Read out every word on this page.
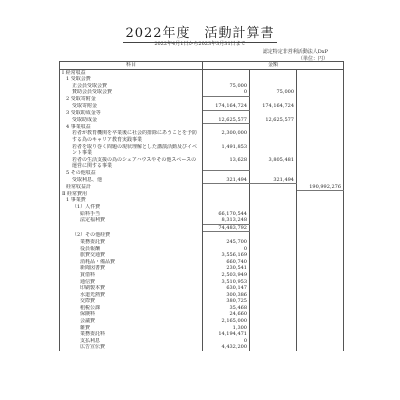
2022年度　活動計算書
2022年4月1日から2023年3月31日まで
認定特定非営利活動法人DxP
（単位：円）
科目	金額		
Ⅰ 経常収益			
1 受取会費			
正会員受取会費	75,000		
賛助会員受取会費	0	75,000	
2 受取寄附金			
受取寄附金	174,164,724	174,164,724	
3 受取助成金等			
受取助成金	12,625,577	12,625,577	
4 事業収益			
若者が教育機関を卒業後に社会的排除にあうことを予防する為のキャリア教育実践事業	2,300,000		
若者を取り巻く問題の現状理解とした講演活動及びイベント事業	1,491,853		
若者の生活支援の為のシェアハウスやその他スペースの運営に関する事業	13,628	3,805,481	
5 その他収益			
受取利息、他	321,494	321,494	
経常収益計			190,992,276
Ⅱ 経常費用			
1 事業費			
（1）人件費			
給料手当	66,170,544		
法定福利費	8,313,248		
	74,483,792		

（2）その他経費			
業務委託費	245,700		
役員報酬	0		
旅費交通費	3,556,169		
消耗品・備品費	660,740		
新聞図書費	230,541		
賃借料	2,503,949		
通信費	3,510,953		
印刷製本費	630,147		
水道光熱費	300,386		
交際費	380,725		
租税公課	35,468		
保険料	24,660		
会議費	2,165,000		
雑費	1,300		
業務委託料	14,194,471		
支払利息	0		
広告宣伝費	4,432,200		
